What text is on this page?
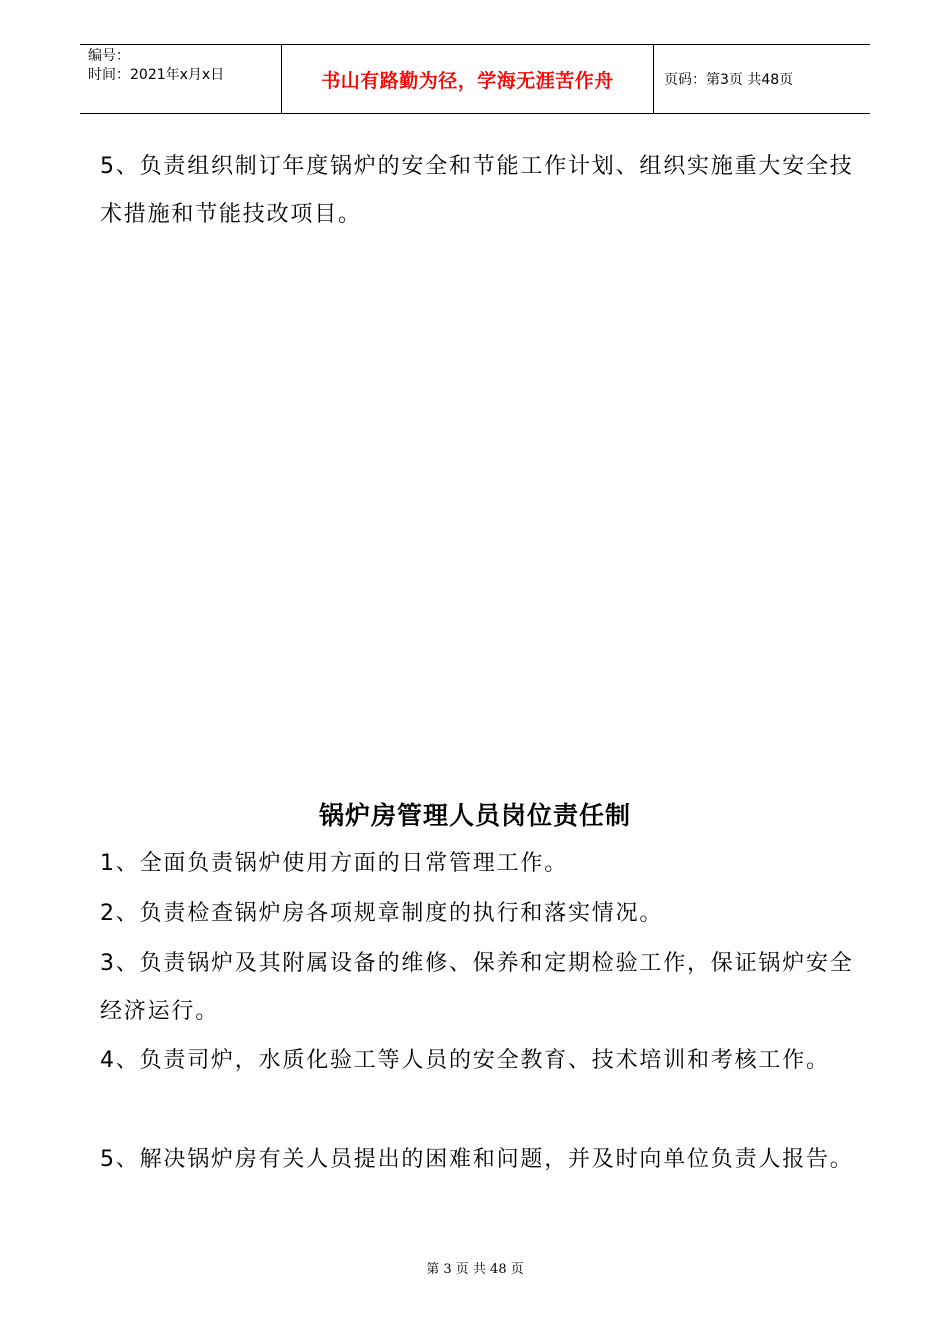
编号：
时间：2021年x月x日	书山有路勤为径，学海无涯苦作舟	页码：第3页 共48页

5、负责组织制订年度锅炉的安全和节能工作计划、组织实施重大安全技术措施和节能技改项目。

锅炉房管理人员岗位责任制

1、全面负责锅炉使用方面的日常管理工作。

2、负责检查锅炉房各项规章制度的执行和落实情况。

3、负责锅炉及其附属设备的维修、保养和定期检验工作，保证锅炉安全经济运行。

4、负责司炉，水质化验工等人员的安全教育、技术培训和考核工作。

5、解决锅炉房有关人员提出的困难和问题，并及时向单位负责人报告。

第 3 页 共 48 页
